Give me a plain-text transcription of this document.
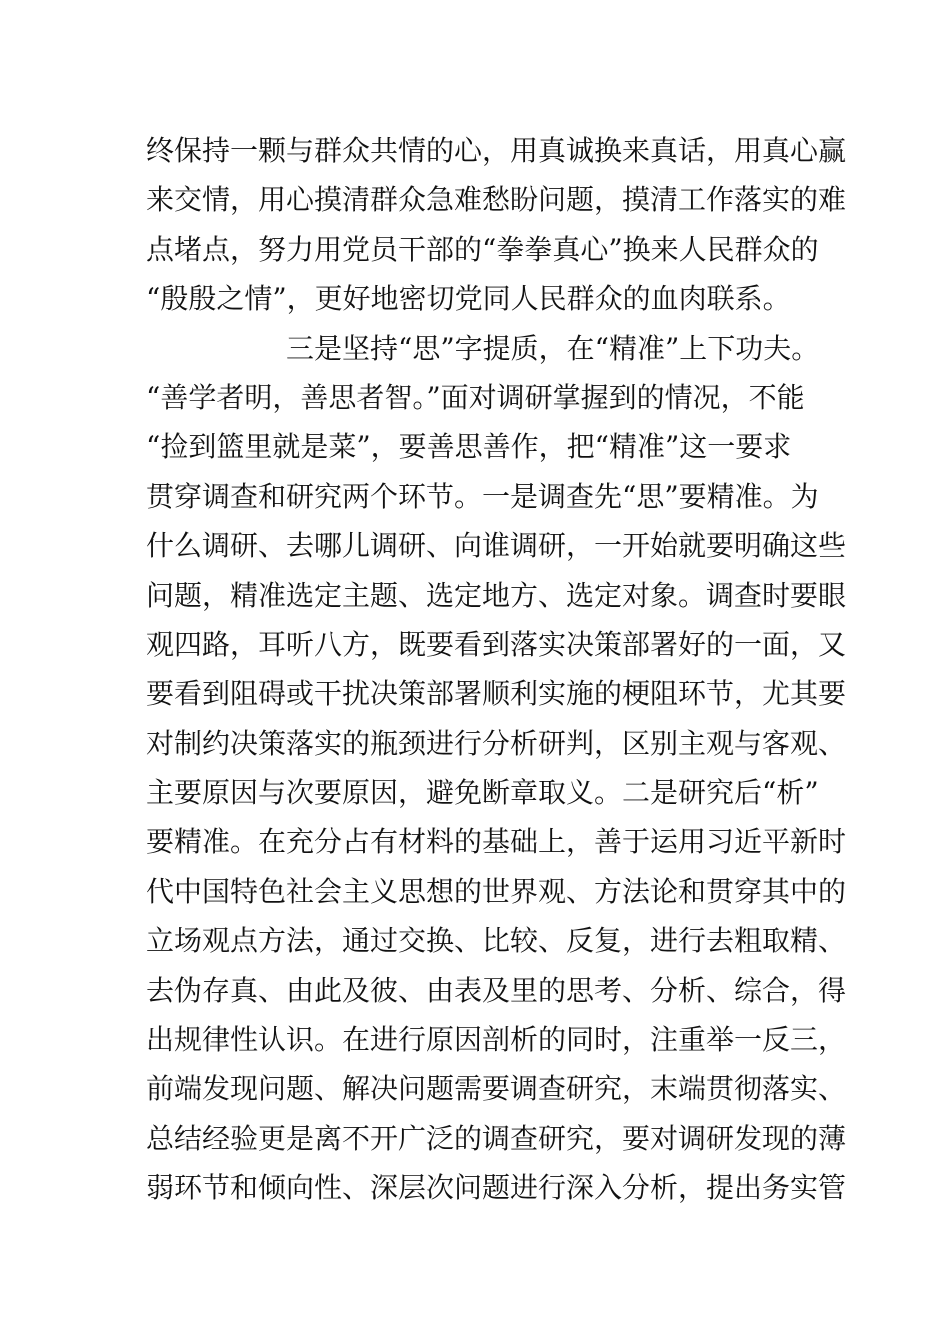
终保持一颗与群众共情的心，用真诚换来真话，用真心赢
来交情，用心摸清群众急难愁盼问题，摸清工作落实的难
点堵点，努力用党员干部的“拳拳真心”换来人民群众的
“殷殷之情”，更好地密切党同人民群众的血肉联系。
三是坚持“思”字提质，在“精准”上下功夫。
“善学者明，善思者智。”面对调研掌握到的情况，不能
“捡到篮里就是菜”，要善思善作，把“精准”这一要求
贯穿调查和研究两个环节。一是调查先“思”要精准。为
什么调研、去哪儿调研、向谁调研，一开始就要明确这些
问题，精准选定主题、选定地方、选定对象。调查时要眼
观四路，耳听八方，既要看到落实决策部署好的一面，又
要看到阻碍或干扰决策部署顺利实施的梗阻环节，尤其要
对制约决策落实的瓶颈进行分析研判，区别主观与客观、
主要原因与次要原因，避免断章取义。二是研究后“析”
要精准。在充分占有材料的基础上，善于运用习近平新时
代中国特色社会主义思想的世界观、方法论和贯穿其中的
立场观点方法，通过交换、比较、反复，进行去粗取精、
去伪存真、由此及彼、由表及里的思考、分析、综合，得
出规律性认识。在进行原因剖析的同时，注重举一反三，
前端发现问题、解决问题需要调查研究，末端贯彻落实、
总结经验更是离不开广泛的调查研究，要对调研发现的薄
弱环节和倾向性、深层次问题进行深入分析，提出务实管
